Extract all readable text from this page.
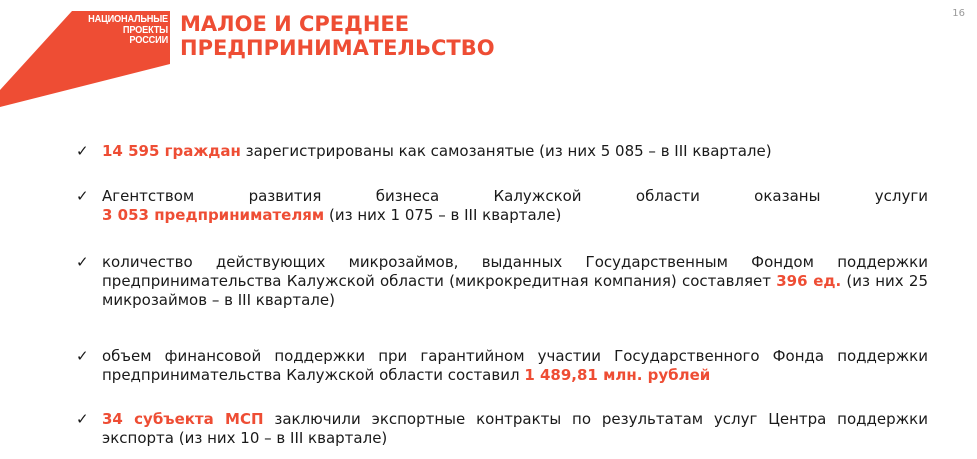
16
НАЦИОНАЛЬНЫЕ
ПРОЕКТЫ
РОССИИ
МАЛОЕ И СРЕДНЕЕ
ПРЕДПРИНИМАТЕЛЬСТВО
✓ 14 595 граждан зарегистрированы как самозанятые (из них 5 085 – в III квартале)
✓ Агентством развития бизнеса Калужской области оказаны услуги
3 053 предпринимателям (из них 1 075 – в III квартале)
✓ количество действующих микрозаймов, выданных Государственным Фондом поддержки предпринимательства Калужской области (микрокредитная компания) составляет 396 ед. (из них 25 микрозаймов – в III квартале)
✓ объем финансовой поддержки при гарантийном участии Государственного Фонда поддержки предпринимательства Калужской области составил 1 489,81 млн. рублей
✓ 34 субъекта МСП заключили экспортные контракты по результатам услуг Центра поддержки экспорта (из них 10 – в III квартале)
